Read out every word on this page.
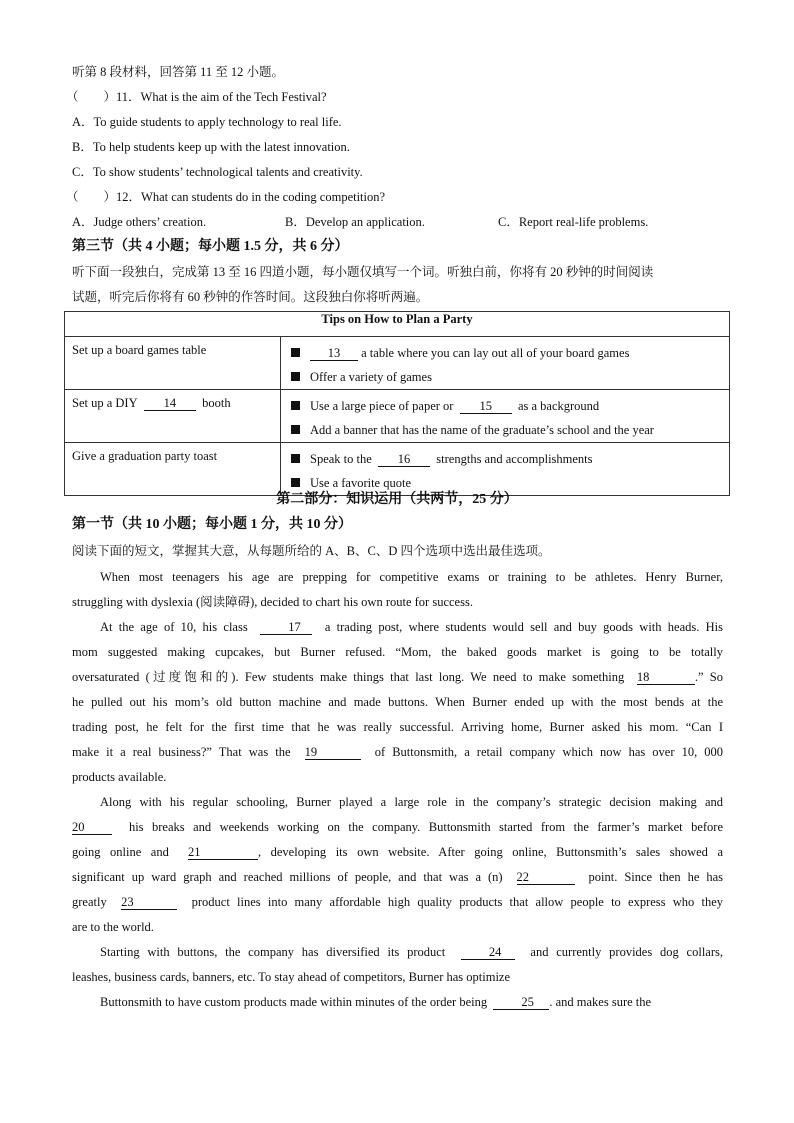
听第 8 段材料，回答第 11 至 12 小题。
（　　）11．What is the aim of the Tech Festival?
A．To guide students to apply technology to real life.
B．To help students keep up with the latest innovation.
C．To show students’ technological talents and creativity.
（　　）12．What can students do in the coding competition?
A．Judge others’ creation.	B．Develop an application.	C．Report real-life problems.
第三节（共 4 小题；每小题 1.5 分，共 6 分）
听下面一段独白，完成第 13 至 16 四道小题，每小题仅填写一个词。听独白前，你将有 20 秒钟的时间阅读
试题，听完后你将有 60 秒钟的作答时间。这段独白你将听两遍。
Tips on How to Plan a Party	
Set up a board games table	13 a table where you can lay out all of your board games
Offer a variety of games

Set up a DIY 14 booth	Use a large piece of paper or 15 as a background
Add a banner that has the name of the graduate’s school and the year

Give a graduation party toast	Speak to the 16 strengths and accomplishments
Use a favorite quote
第二部分：知识运用（共两节，25 分）
第一节（共 10 小题；每小题 1 分，共 10 分）
阅读下面的短文，掌握其大意，从每题所给的 A、B、C、D 四个选项中选出最佳选项。

When most teenagers his age are prepping for competitive exams or training to be athletes. Henry Burner,

struggling with dyslexia (阅读障碍), decided to chart his own route for success.

At the age of 10, his class	17 a trading post, where students would sell and buy goods with heads. His

mom suggested making cupcakes, but Burner refused. “Mom, the baked goods market is going to be totally

oversaturated (过度饱和的). Few students make things that last long. We need to make something 18	.” So

he pulled out his mom’s old button machine and made buttons. When Burner ended up with the most bends at the

trading post, he felt for the first time that he was really successful. Arriving home, Burner asked his mom. “Can I

make it a real business?” That was the 19	of Buttonsmith, a retail company which now has over 10, 000

products available.

Along with his regular schooling, Burner played a large role in the company’s strategic decision making and

20	his breaks and weekends working on the company. Buttonsmith started from the farmer’s market before

going online and 21	, developing its own website. After going online, Buttonsmith’s sales showed a

significant up ward graph and reached millions of people, and that was a (n) 22	point. Since then he has

greatly 23	product lines into many affordable high quality products that allow people to express who they

are to the world.

Starting with buttons, the company has diversified its product	24 and currently provides dog collars,

leashes, business cards, banners, etc. To stay ahead of competitors, Burner has optimize

Buttonsmith to have custom products made within minutes of the order being	25 . and makes sure the
